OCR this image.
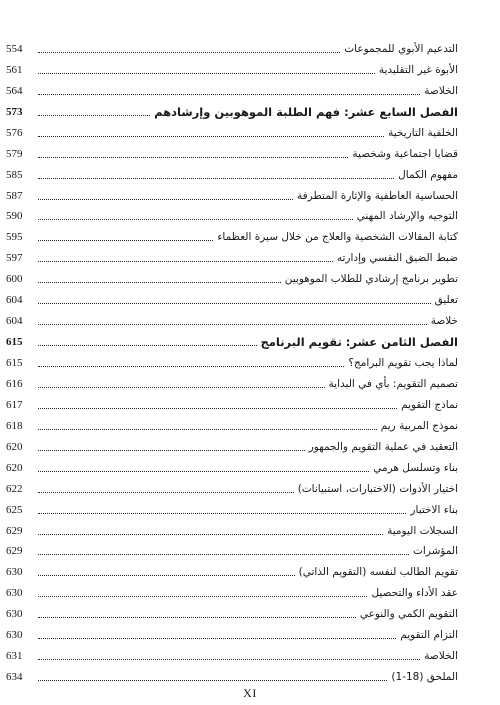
554	التدعيم الأبوي للمجموعات
561	الأبوة غير التقليدية
564	الخلاصة
573	الفصل السابع عشر: فهم الطلبة الموهوبين وإرشادهم
576	الخلفية التاريخية
579	قضايا اجتماعية وشخصية
585	مفهوم الكمال
587	الحساسية العاطفية والإثارة المتطرفة
590	التوجيه والإرشاد المهني
595	كتابة المقالات الشخصية والعلاج من خلال سيرة العظماء
597	ضبط الضيق النفسي وإدارته
600	تطوير برنامج إرشادي للطلاب الموهوبين
604	تعليق
604	خلاصة
615	الفصل الثامن عشر: تقويم البرنامج
615	لماذا يجب تقويم البرامج؟
616	تصميم التقويم: بأي في البداية
617	نماذج التقويم
618	نموذج المربية ريم
620	التعقيد في عملية التقويم والجمهور
620	بناء وتسلسل هرمي
622	اختيار الأدوات (الاختبارات، استبيانات)
625	بناء الاختبار
629	السجلات اليومية
629	المؤشرات
630	تقويم الطالب لنفسه (التقويم الذاتي)
630	عقد الأداء والتحصيل
630	التقويم الكمي والنوعي
630	التزام التقويم
631	الخلاصة
634	الملحق (18-1)
XI
